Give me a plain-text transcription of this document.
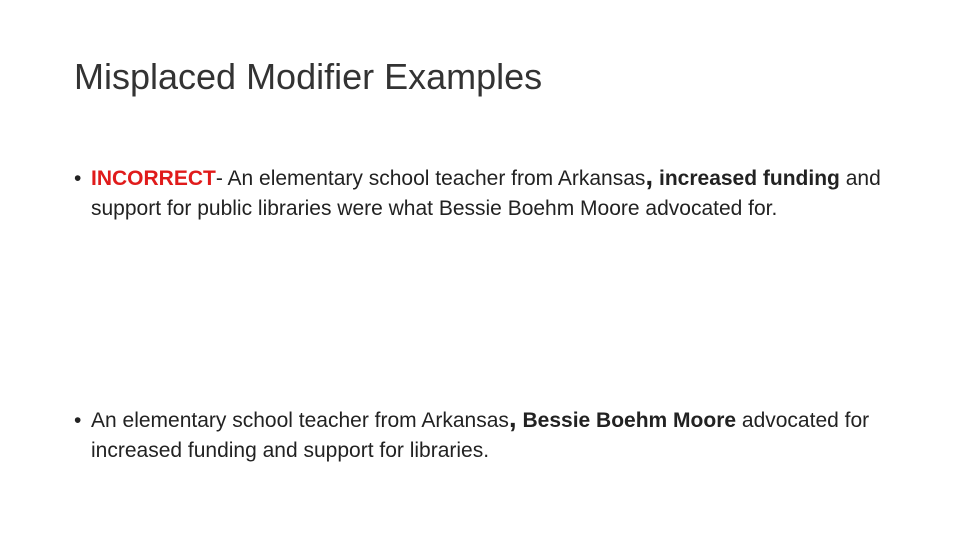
Misplaced Modifier Examples
• INCORRECT- An elementary school teacher from Arkansas, increased funding and support for public libraries were what Bessie Boehm Moore advocated for.
• An elementary school teacher from Arkansas, Bessie Boehm Moore advocated for increased funding and support for libraries.
